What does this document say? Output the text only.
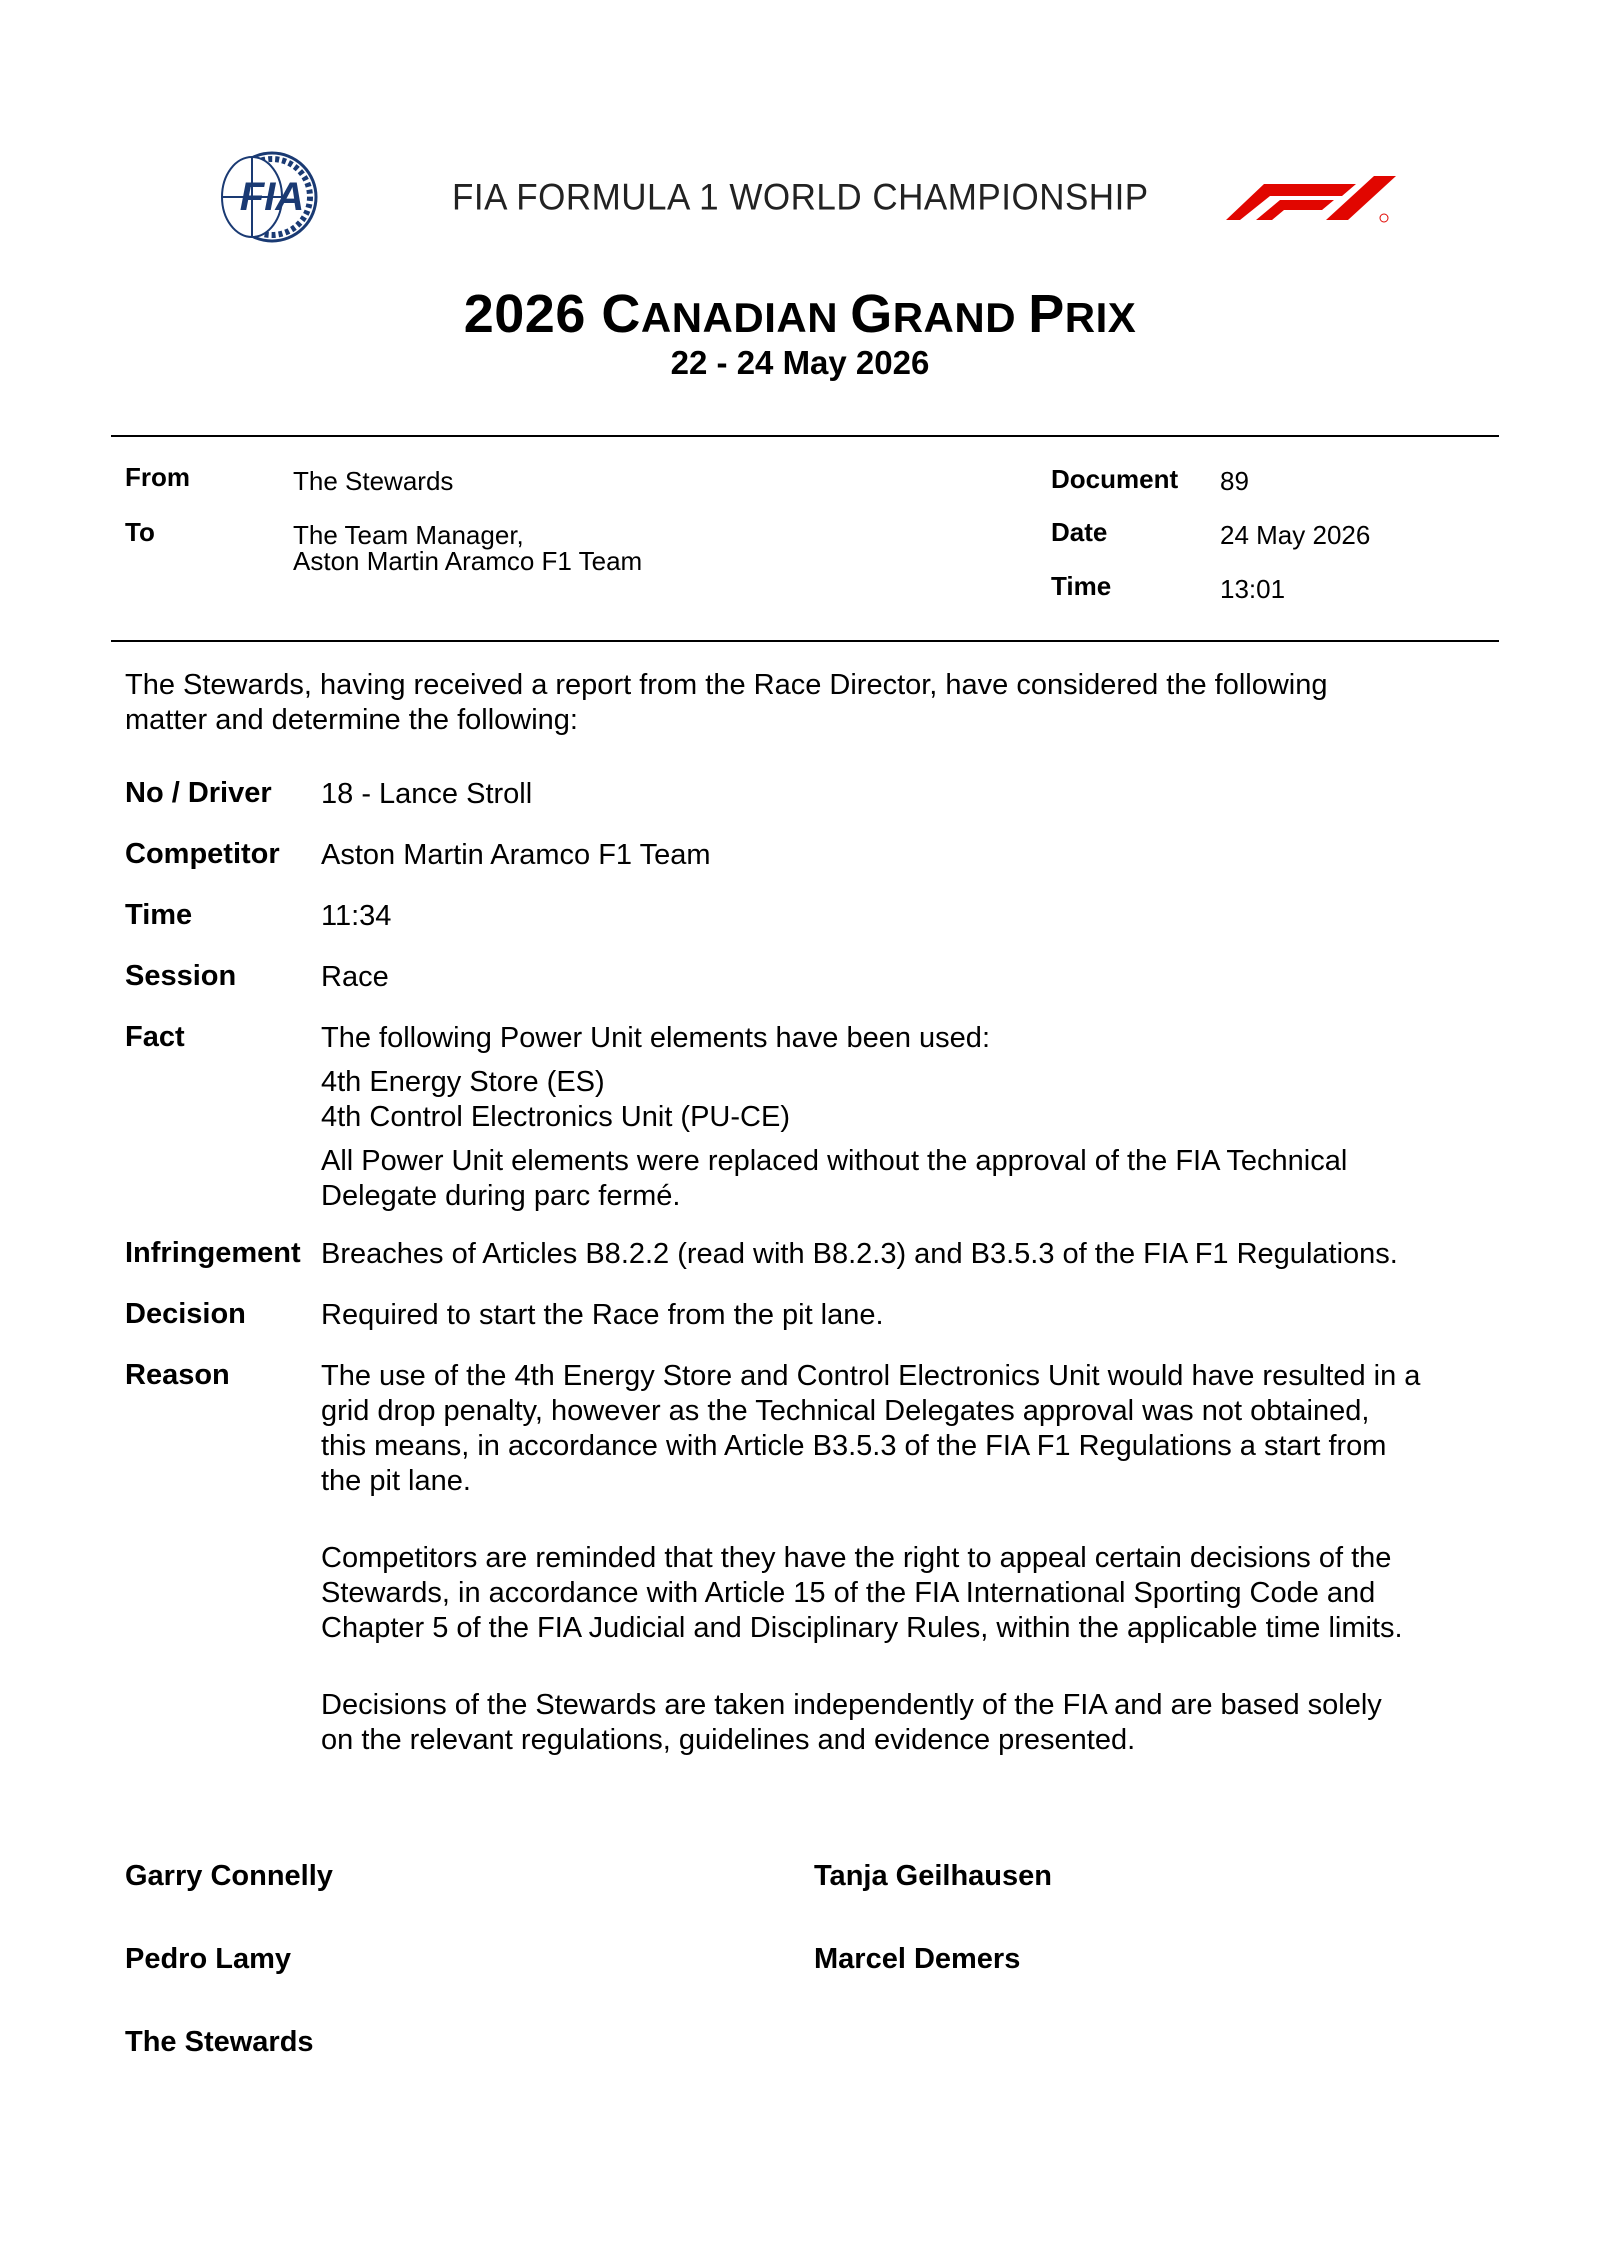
FIA	FIA FORMULA 1 WORLD CHAMPIONSHIP
2026 CANADIAN GRAND PRIX
22 - 24 May 2026
From	The Stewards
To	The Team Manager,
Aston Martin Aramco F1 Team
Document 89
Date	24 May 2026
Time	13:01
The Stewards, having received a report from the Race Director, have considered the following
matter and determine the following:
No / Driver 18 - Lance Stroll
Competitor Aston Martin Aramco F1 Team
Time	11:34
Session	Race
Fact	The following Power Unit elements have been used:
4th Energy Store (ES)
4th Control Electronics Unit (PU-CE)
All Power Unit elements were replaced without the approval of the FIA Technical
Delegate during parc fermé.
Infringement Breaches of Articles B8.2.2 (read with B8.2.3) and B3.5.3 of the FIA F1 Regulations.
Decision	Required to start the Race from the pit lane.
Reason	The use of the 4th Energy Store and Control Electronics Unit would have resulted in a
grid drop penalty, however as the Technical Delegates approval was not obtained,
this means, in accordance with Article B3.5.3 of the FIA F1 Regulations a start from
the pit lane.
Competitors are reminded that they have the right to appeal certain decisions of the
Stewards, in accordance with Article 15 of the FIA International Sporting Code and
Chapter 5 of the FIA Judicial and Disciplinary Rules, within the applicable time limits.
Decisions of the Stewards are taken independently of the FIA and are based solely
on the relevant regulations, guidelines and evidence presented.
Garry Connelly	Tanja Geilhausen
Pedro Lamy	Marcel Demers
The Stewards
